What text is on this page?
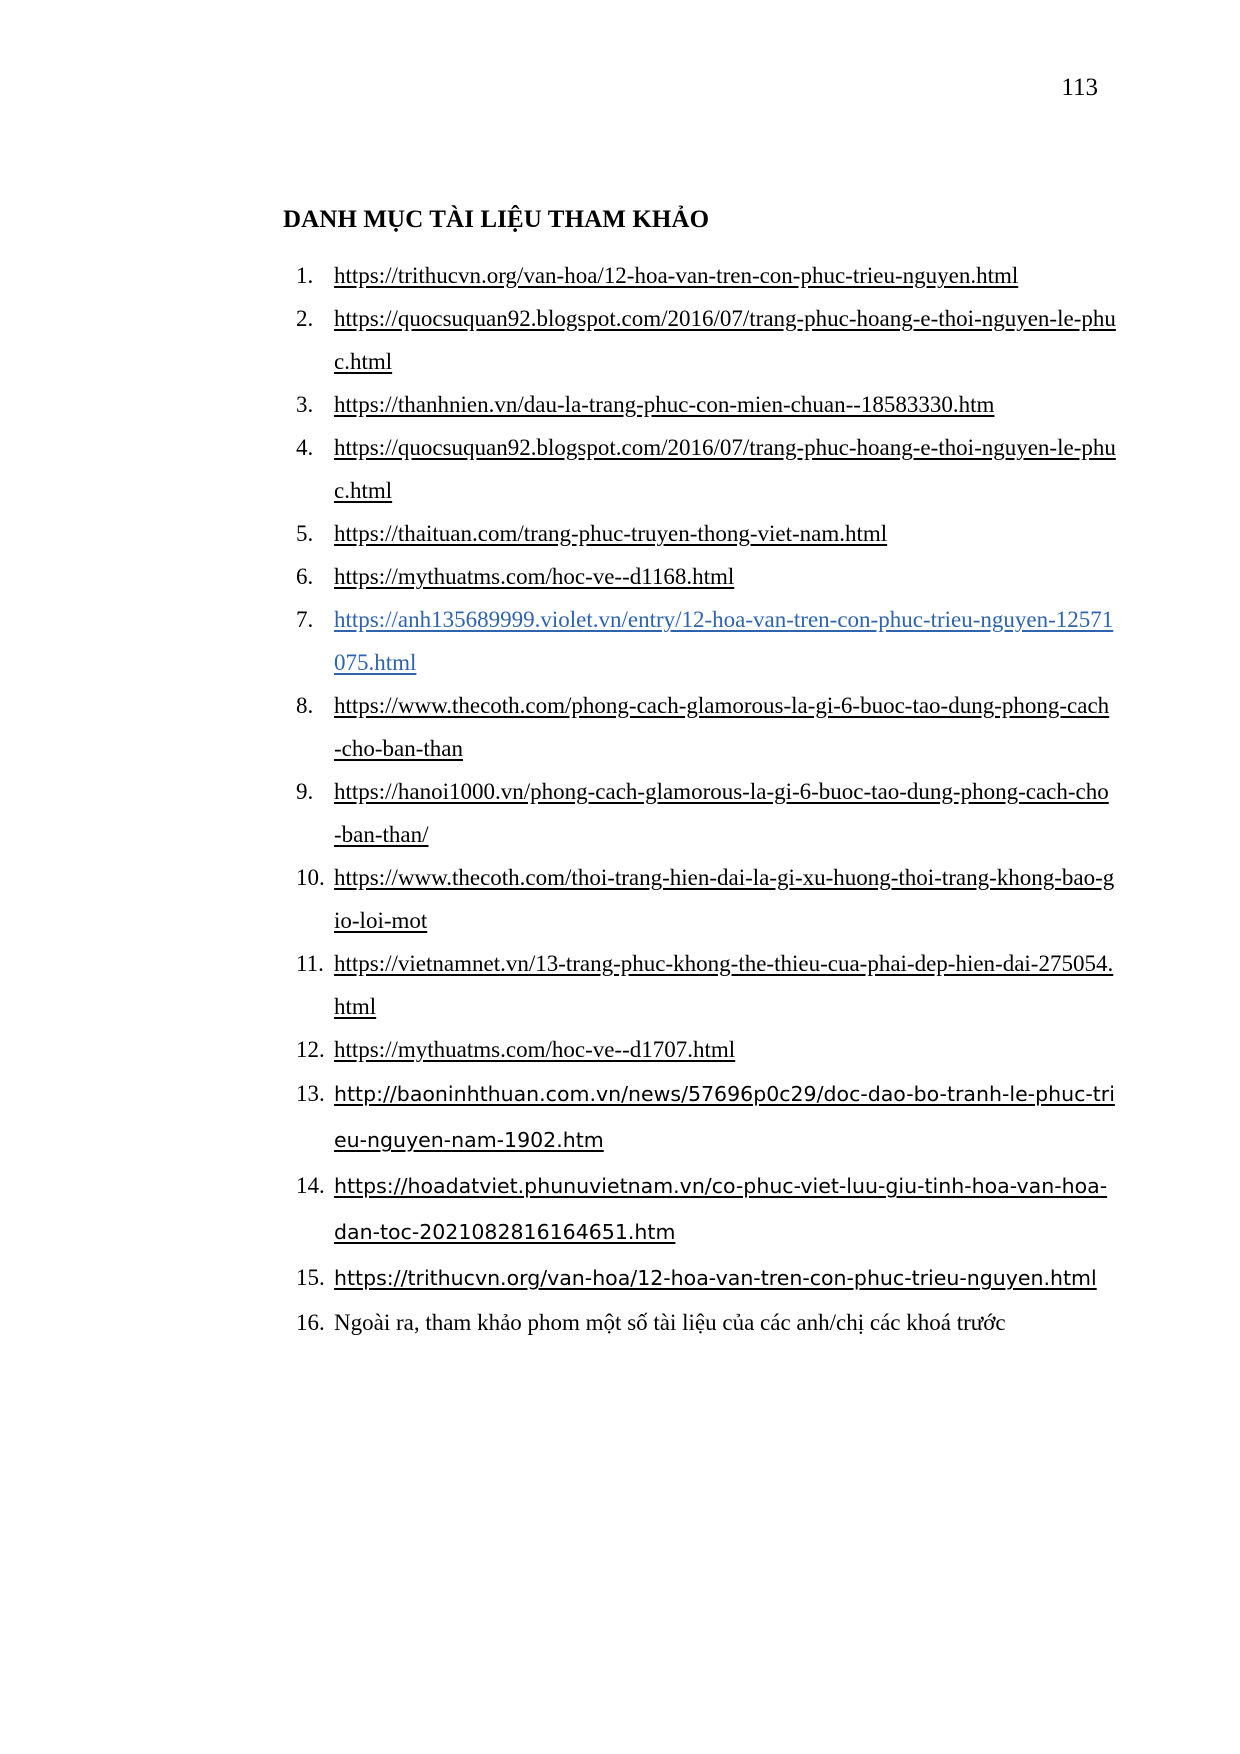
113
DANH MỤC TÀI LIỆU THAM KHẢO
1. https://trithucvn.org/van-hoa/12-hoa-van-tren-con-phuc-trieu-nguyen.html
2. https://quocsuquan92.blogspot.com/2016/07/trang-phuc-hoang-e-thoi-nguyen-le-phuc.html
3. https://thanhnien.vn/dau-la-trang-phuc-con-mien-chuan--18583330.htm
4. https://quocsuquan92.blogspot.com/2016/07/trang-phuc-hoang-e-thoi-nguyen-le-phuc.html
5. https://thaituan.com/trang-phuc-truyen-thong-viet-nam.html
6. https://mythuatms.com/hoc-ve--d1168.html
7. https://anh135689999.violet.vn/entry/12-hoa-van-tren-con-phuc-trieu-nguyen-12571075.html
8. https://www.thecoth.com/phong-cach-glamorous-la-gi-6-buoc-tao-dung-phong-cach-cho-ban-than
9. https://hanoi1000.vn/phong-cach-glamorous-la-gi-6-buoc-tao-dung-phong-cach-cho-ban-than/
10. https://www.thecoth.com/thoi-trang-hien-dai-la-gi-xu-huong-thoi-trang-khong-bao-gio-loi-mot
11. https://vietnamnet.vn/13-trang-phuc-khong-the-thieu-cua-phai-dep-hien-dai-275054.html
12. https://mythuatms.com/hoc-ve--d1707.html
13. http://baoninhthuan.com.vn/news/57696p0c29/doc-dao-bo-tranh-le-phuc-trieu-nguyen-nam-1902.htm
14. https://hoadatviet.phunuvietnam.vn/co-phuc-viet-luu-giu-tinh-hoa-van-hoa-dan-toc-2021082816164651.htm
15. https://trithucvn.org/van-hoa/12-hoa-van-tren-con-phuc-trieu-nguyen.html
16. Ngoài ra, tham khảo phom một số tài liệu của các anh/chị các khoá trước
